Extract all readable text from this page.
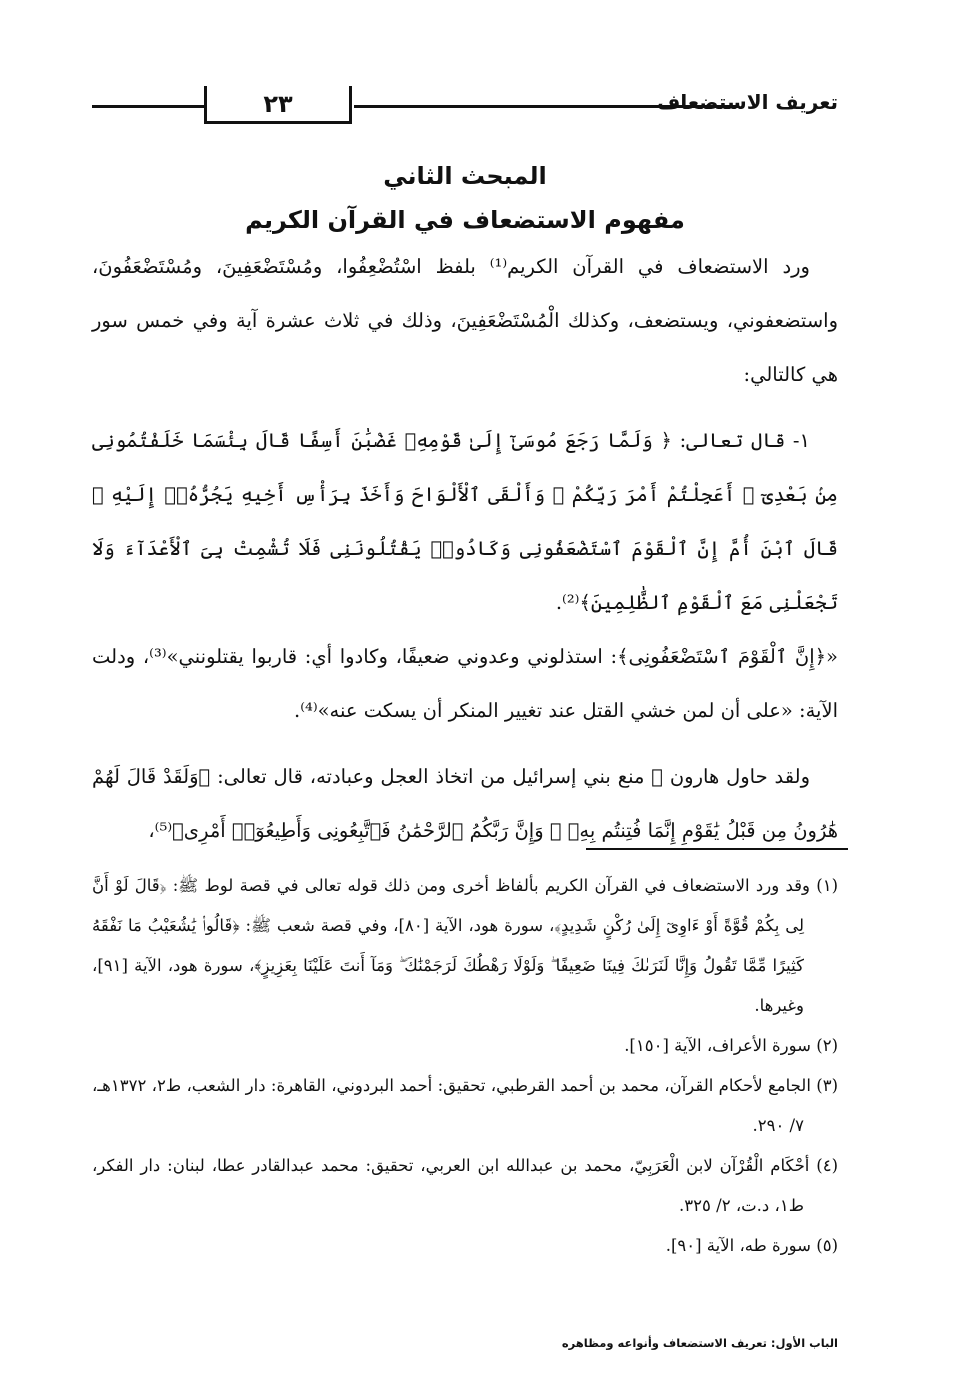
٢٣	تعريف الاستضعاف
المبحث الثاني
مفهوم الاستضعاف في القرآن الكريم

ورد الاستضعاف في القرآن الكريم⁽¹⁾ بلفظ اسْتُضْعِفُوا، ومُسْتَضْعَفِينَ، ومُسْتَضْعَفُونَ، واستضعفوني، ويستضعف، وكذلك الْمُسْتَضْعَفِينَ، وذلك في ثلاث عشرة آية وفي خمس سور هي كالتالي:

١- قال تعالى: ﴿ وَلَمَّا رَجَعَ مُوسَىٰٓ إِلَىٰ قَوْمِهِۦ غَضْبَٰنَ أَسِفًا قَالَ بِئْسَمَا خَلَفْتُمُونِى مِنۢ بَعْدِىٓ ۖ أَعَجِلْتُمْ أَمْرَ رَبِّكُمْ ۖ وَأَلْقَى ٱلْأَلْوَاحَ وَأَخَذَ بِرَأْسِ أَخِيهِ يَجُرُّهُۥٓ إِلَيْهِ ۚ قَالَ ٱبْنَ أُمَّ إِنَّ ٱلْقَوْمَ ٱسْتَضْعَفُونِى وَكَادُوا۟ يَقْتُلُونَنِى فَلَا تُشْمِتْ بِىَ ٱلْأَعْدَآءَ وَلَا تَجْعَلْنِى مَعَ ٱلْقَوْمِ ٱلظَّٰلِمِينَ﴾⁽²⁾.

«﴿إِنَّ ٱلْقَوْمَ ٱسْتَضْعَفُونِى﴾: استذلوني وعدوني ضعيفًا، وكادوا أي: قاربوا يقتلونني»⁽³⁾، ودلت الآية: «على أن لمن خشي القتل عند تغيير المنكر أن يسكت عنه»⁽⁴⁾.

ولقد حاول هارون ﷺ منع بني إسرائيل من اتخاذ العجل وعبادته، قال تعالى: ﴿وَلَقَدْ قَالَ لَهُمْ هَٰرُونُ مِن قَبْلُ يَٰقَوْمِ إِنَّمَا فُتِنتُم بِهِۦ ۖ وَإِنَّ رَبَّكُمُ ٱلرَّحْمَٰنُ فَٱتَّبِعُونِى وَأَطِيعُوٓا۟ أَمْرِى﴾⁽⁵⁾،

(١) وقد ورد الاستضعاف في القرآن الكريم بألفاظ أخرى ومن ذلك قوله تعالى في قصة لوط ﷺ: ﴿قَالَ لَوْ أَنَّ لِى بِكُمْ قُوَّةً أَوْ ءَاوِىٓ إِلَىٰ رُكْنٍ شَدِيدٍ﴾، سورة هود، الآية [٨٠]، وفي قصة شعب ﷺ: ﴿قَالُوا۟ يَٰشُعَيْبُ مَا نَفْقَهُ كَثِيرًا مِّمَّا تَقُولُ وَإِنَّا لَنَرَىٰكَ فِينَا ضَعِيفًا ۖ وَلَوْلَا رَهْطُكَ لَرَجَمْنَٰكَ ۖ وَمَآ أَنتَ عَلَيْنَا بِعَزِيزٍ﴾، سورة هود، الآية [٩١]، وغيرها.

(٢) سورة الأعراف، الآية [١٥٠].

(٣) الجامع لأحكام القرآن، محمد بن أحمد القرطبي، تحقيق: أحمد البردوني، القاهرة: دار الشعب، ط٢، ١٣٧٢هـ، ٧/ ٢٩٠.

(٤) أحْكَام الْقُرْآن لابن الْعَرَبِيّ، محمد بن عبدالله ابن العربي، تحقيق: محمد عبدالقادر عطا، لبنان: دار الفكر، ط١، د.ت، ٢/ ٣٢٥.

(٥) سورة طه، الآية [٩٠].

الباب الأول: تعريف الاستضعاف وأنواعه ومظاهره
